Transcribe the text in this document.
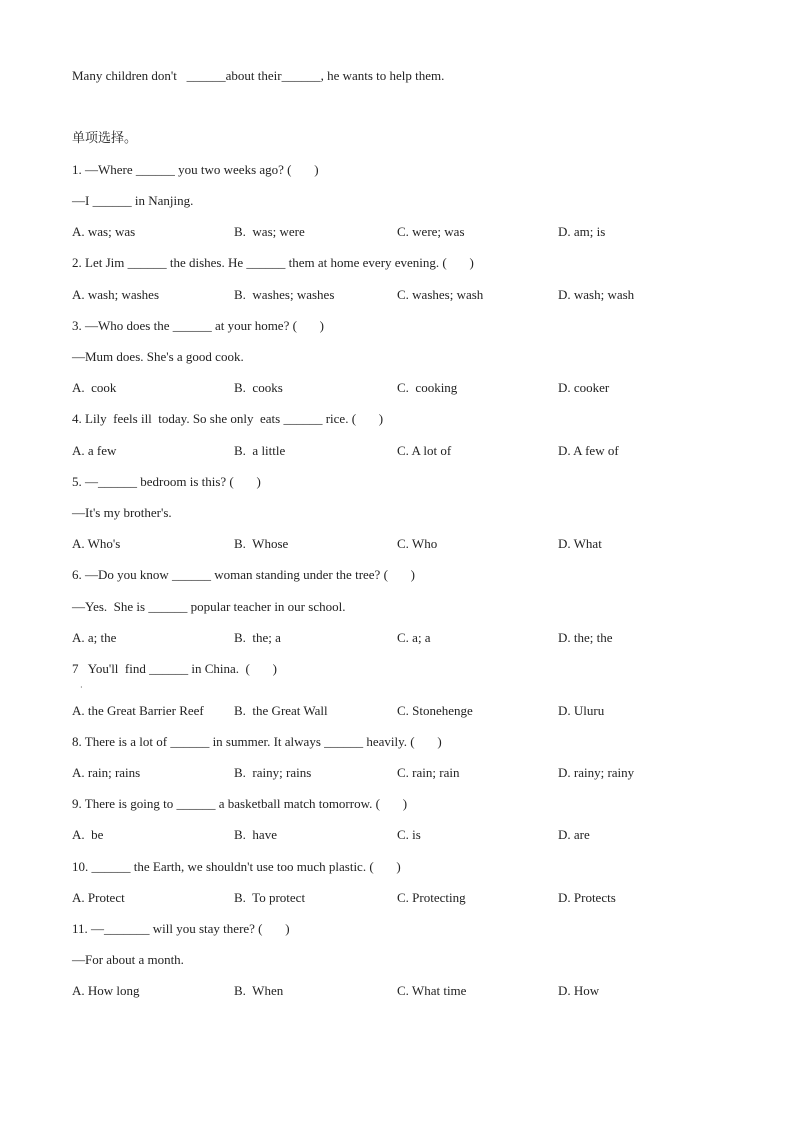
Many children don't   ______about their______, he wants to help them.
单项选择。
1. —Where ______ you two weeks ago? (       )
—I ______ in Nanjing.
A. was; was	B.  was; were	C. were; was	D. am; is
2. Let Jim ______ the dishes. He ______ them at home every evening. (       )
A. wash; washes	B.  washes; washes	C. washes; wash	D. wash; wash
3. —Who does the ______ at your home? (       )
—Mum does. She's a good cook.
A.  cook	B.  cooks	C.  cooking	D. cooker
4. Lily  feels ill  today. So she only  eats ______ rice. (       )
A. a few	B.  a little	C. A lot of	D. A few of
5. —______ bedroom is this? (       )
—It's my brother's.
A. Who's	B.  Whose	C. Who	D. What
6. —Do you know ______ woman standing under the tree? (       )
—Yes.  She is ______ popular teacher in our school.
A. a; the	B.  the; a	C. a; a	D. the; the
7   You'll  find ______ in China.  (       )
·
A. the Great Barrier Reef B.  the Great Wall	C. Stonehenge	D. Uluru
8. There is a lot of ______ in summer. It always ______ heavily. (       )
A. rain; rains	B.  rainy; rains	C. rain; rain	D. rainy; rainy
9. There is going to ______ a basketball match tomorrow. (       )
A.  be	B.  have	C. is	D. are
10. ______ the Earth, we shouldn't use too much plastic. (       )
A. Protect	B.  To protect	C. Protecting	D. Protects
11. —_______ will you stay there? (       )
—For about a month.
A. How long	B.  When	C. What time	D. How
